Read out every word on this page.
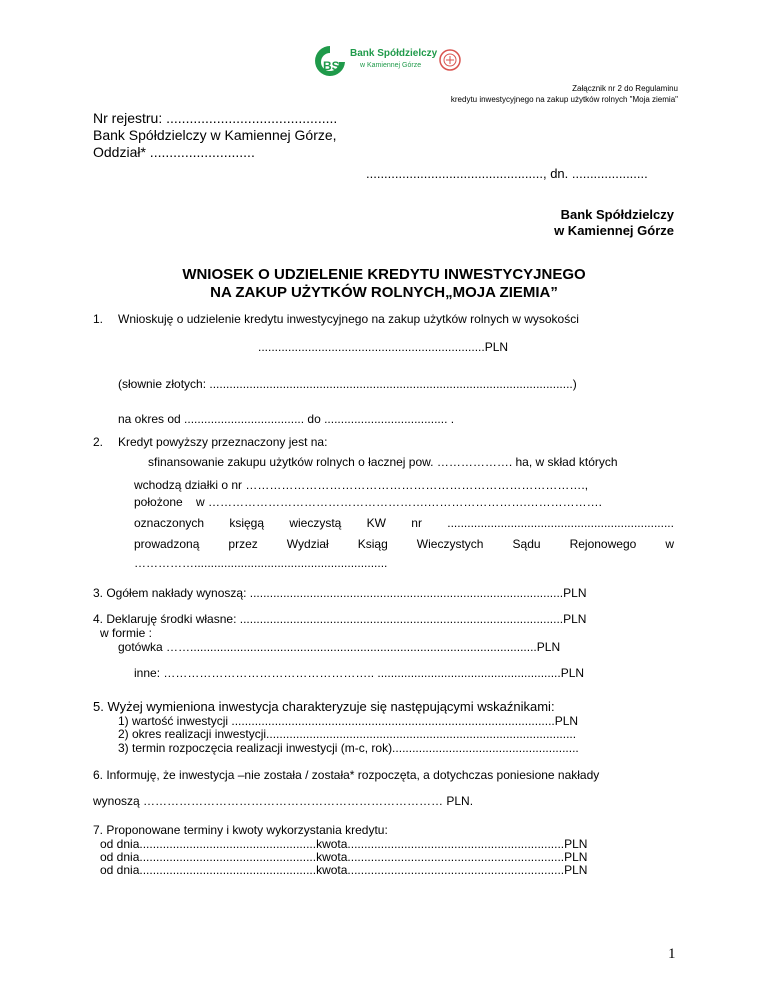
BS
Bank Spółdzielczy
w Kamiennej Górze
Załącznik nr 2 do Regulaminu
kredytu inwestycyjnego na zakup użytków rolnych "Moja ziemia"
Nr rejestru: ............................................
Bank Spółdzielczy w Kamiennej Górze,
Oddział* ...........................
................................................., dn. .....................
Bank Spółdzielczy
w Kamiennej Górze
WNIOSEK O UDZIELENIE KREDYTU INWESTYCYJNEGO
NA ZAKUP UŻYTKÓW ROLNYCH„MOJA ZIEMIA”
1. Wnioskuję o udzielenie kredytu inwestycyjnego na zakup użytków rolnych w wysokości
....................................................................PLN
(słownie złotych: .............................................................................................................)
na okres od .................................... do ..................................... .
2. Kredyt powyższy przeznaczony jest na:
sfinansowanie zakupu użytków rolnych o łacznej pow. ………………. ha, w skład których
wchodzą działki o nr ………………………………………………………………………….,
położone w ……………………………………………….…………………….……………….
oznaczonych księgą wieczystą KW nr ....................................................................
prowadzoną przez Wydział Ksiąg Wieczystych Sądu Rejonowego w
……………..........................................................
3. Ogółem nakłady wynoszą: ..............................................................................................PLN
4. Deklaruję środki własne: .................................................................................................PLN
w formie :
gotówka ……........................................................................................................PLN
inne: …………………………………………….. .......................................................PLN
5. Wyżej wymieniona inwestycja charakteryzuje się następującymi wskaźnikami:
1) wartość inwestycji .................................................................................................PLN
2) okres realizacji inwestycji.............................................................................................
3) termin rozpoczęcia realizacji inwestycji (m-c, rok)........................................................
6. Informuję, że inwestycja –nie została / została* rozpoczęta, a dotychczas poniesione nakłady
wynoszą ………………………………………………………………… PLN.
7. Proponowane terminy i kwoty wykorzystania kredytu:
od dnia.....................................................kwota.................................................................PLN
od dnia.....................................................kwota.................................................................PLN
od dnia.....................................................kwota.................................................................PLN
1
